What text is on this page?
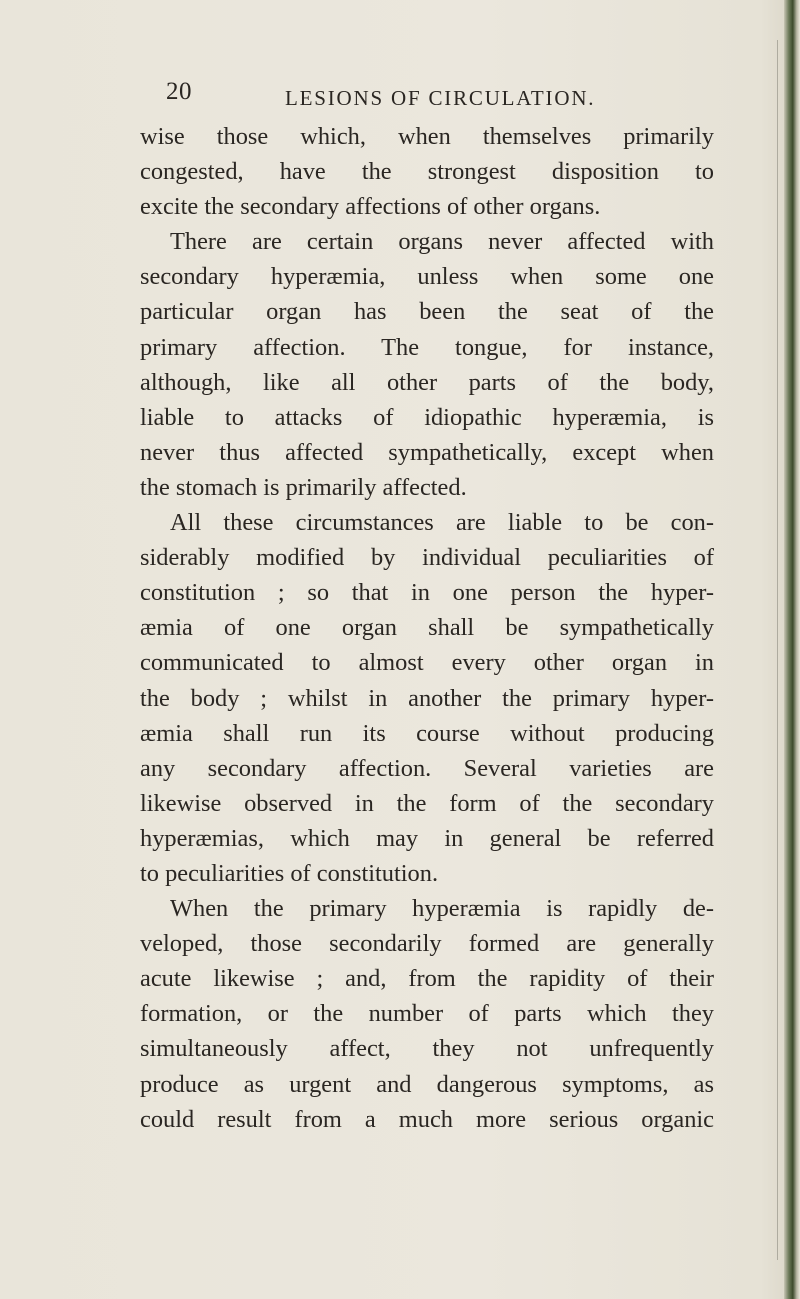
20	LESIONS OF CIRCULATION.
wise those which, when themselves primarily
congested, have the strongest disposition to
excite the secondary affections of other organs.
There are certain organs never affected with
secondary hyperæmia, unless when some one
particular organ has been the seat of the
primary affection. The tongue, for instance,
although, like all other parts of the body,
liable to attacks of idiopathic hyperæmia, is
never thus affected sympathetically, except when
the stomach is primarily affected.
All these circumstances are liable to be con-
siderably modified by individual peculiarities of
constitution ; so that in one person the hyper-
æmia of one organ shall be sympathetically
communicated to almost every other organ in
the body ; whilst in another the primary hyper-
æmia shall run its course without producing
any secondary affection. Several varieties are
likewise observed in the form of the secondary
hyperæmias, which may in general be referred
to peculiarities of constitution.
When the primary hyperæmia is rapidly de-
veloped, those secondarily formed are generally
acute likewise ; and, from the rapidity of their
formation, or the number of parts which they
simultaneously affect, they not unfrequently
produce as urgent and dangerous symptoms, as
could result from a much more serious organic
